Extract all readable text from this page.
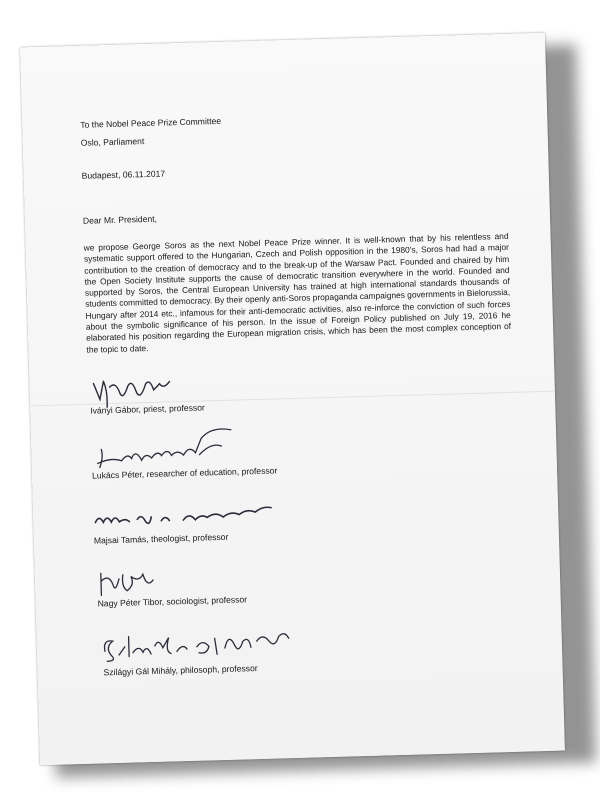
To the Nobel Peace Prize Committee
Oslo, Parliament
Budapest, 06.11.2017
Dear Mr. President,
we propose George Soros as the next Nobel Peace Prize winner. It is well-known that by his relentless and systematic support offered to the Hungarian, Czech and Polish opposition in the 1980's, Soros had had a major contribution to the creation of democracy and to the break-up of the Warsaw Pact. Founded and chaired by him the Open Society Institute supports the cause of democratic transition everywhere in the world. Founded and supported by Soros, the Central European University has trained at high international standards thousands of students committed to democracy. By their openly anti-Soros propaganda campaignes governments in Bielorussia, Hungary after 2014 etc., infamous for their anti-democratic activities, also re-inforce the conviction of such forces about the symbolic significance of his person. In the issue of Foreign Policy published on July 19, 2016 he elaborated his position regarding the European migration crisis, which has been the most complex conception of the topic to date.
Iványi Gábor, priest, professor
Lukács Péter, researcher of education, professor
Majsai Tamás, theologist, professor
Nagy Péter Tibor, sociologist, professor
Szilágyi Gál Mihály, philosoph, professor
